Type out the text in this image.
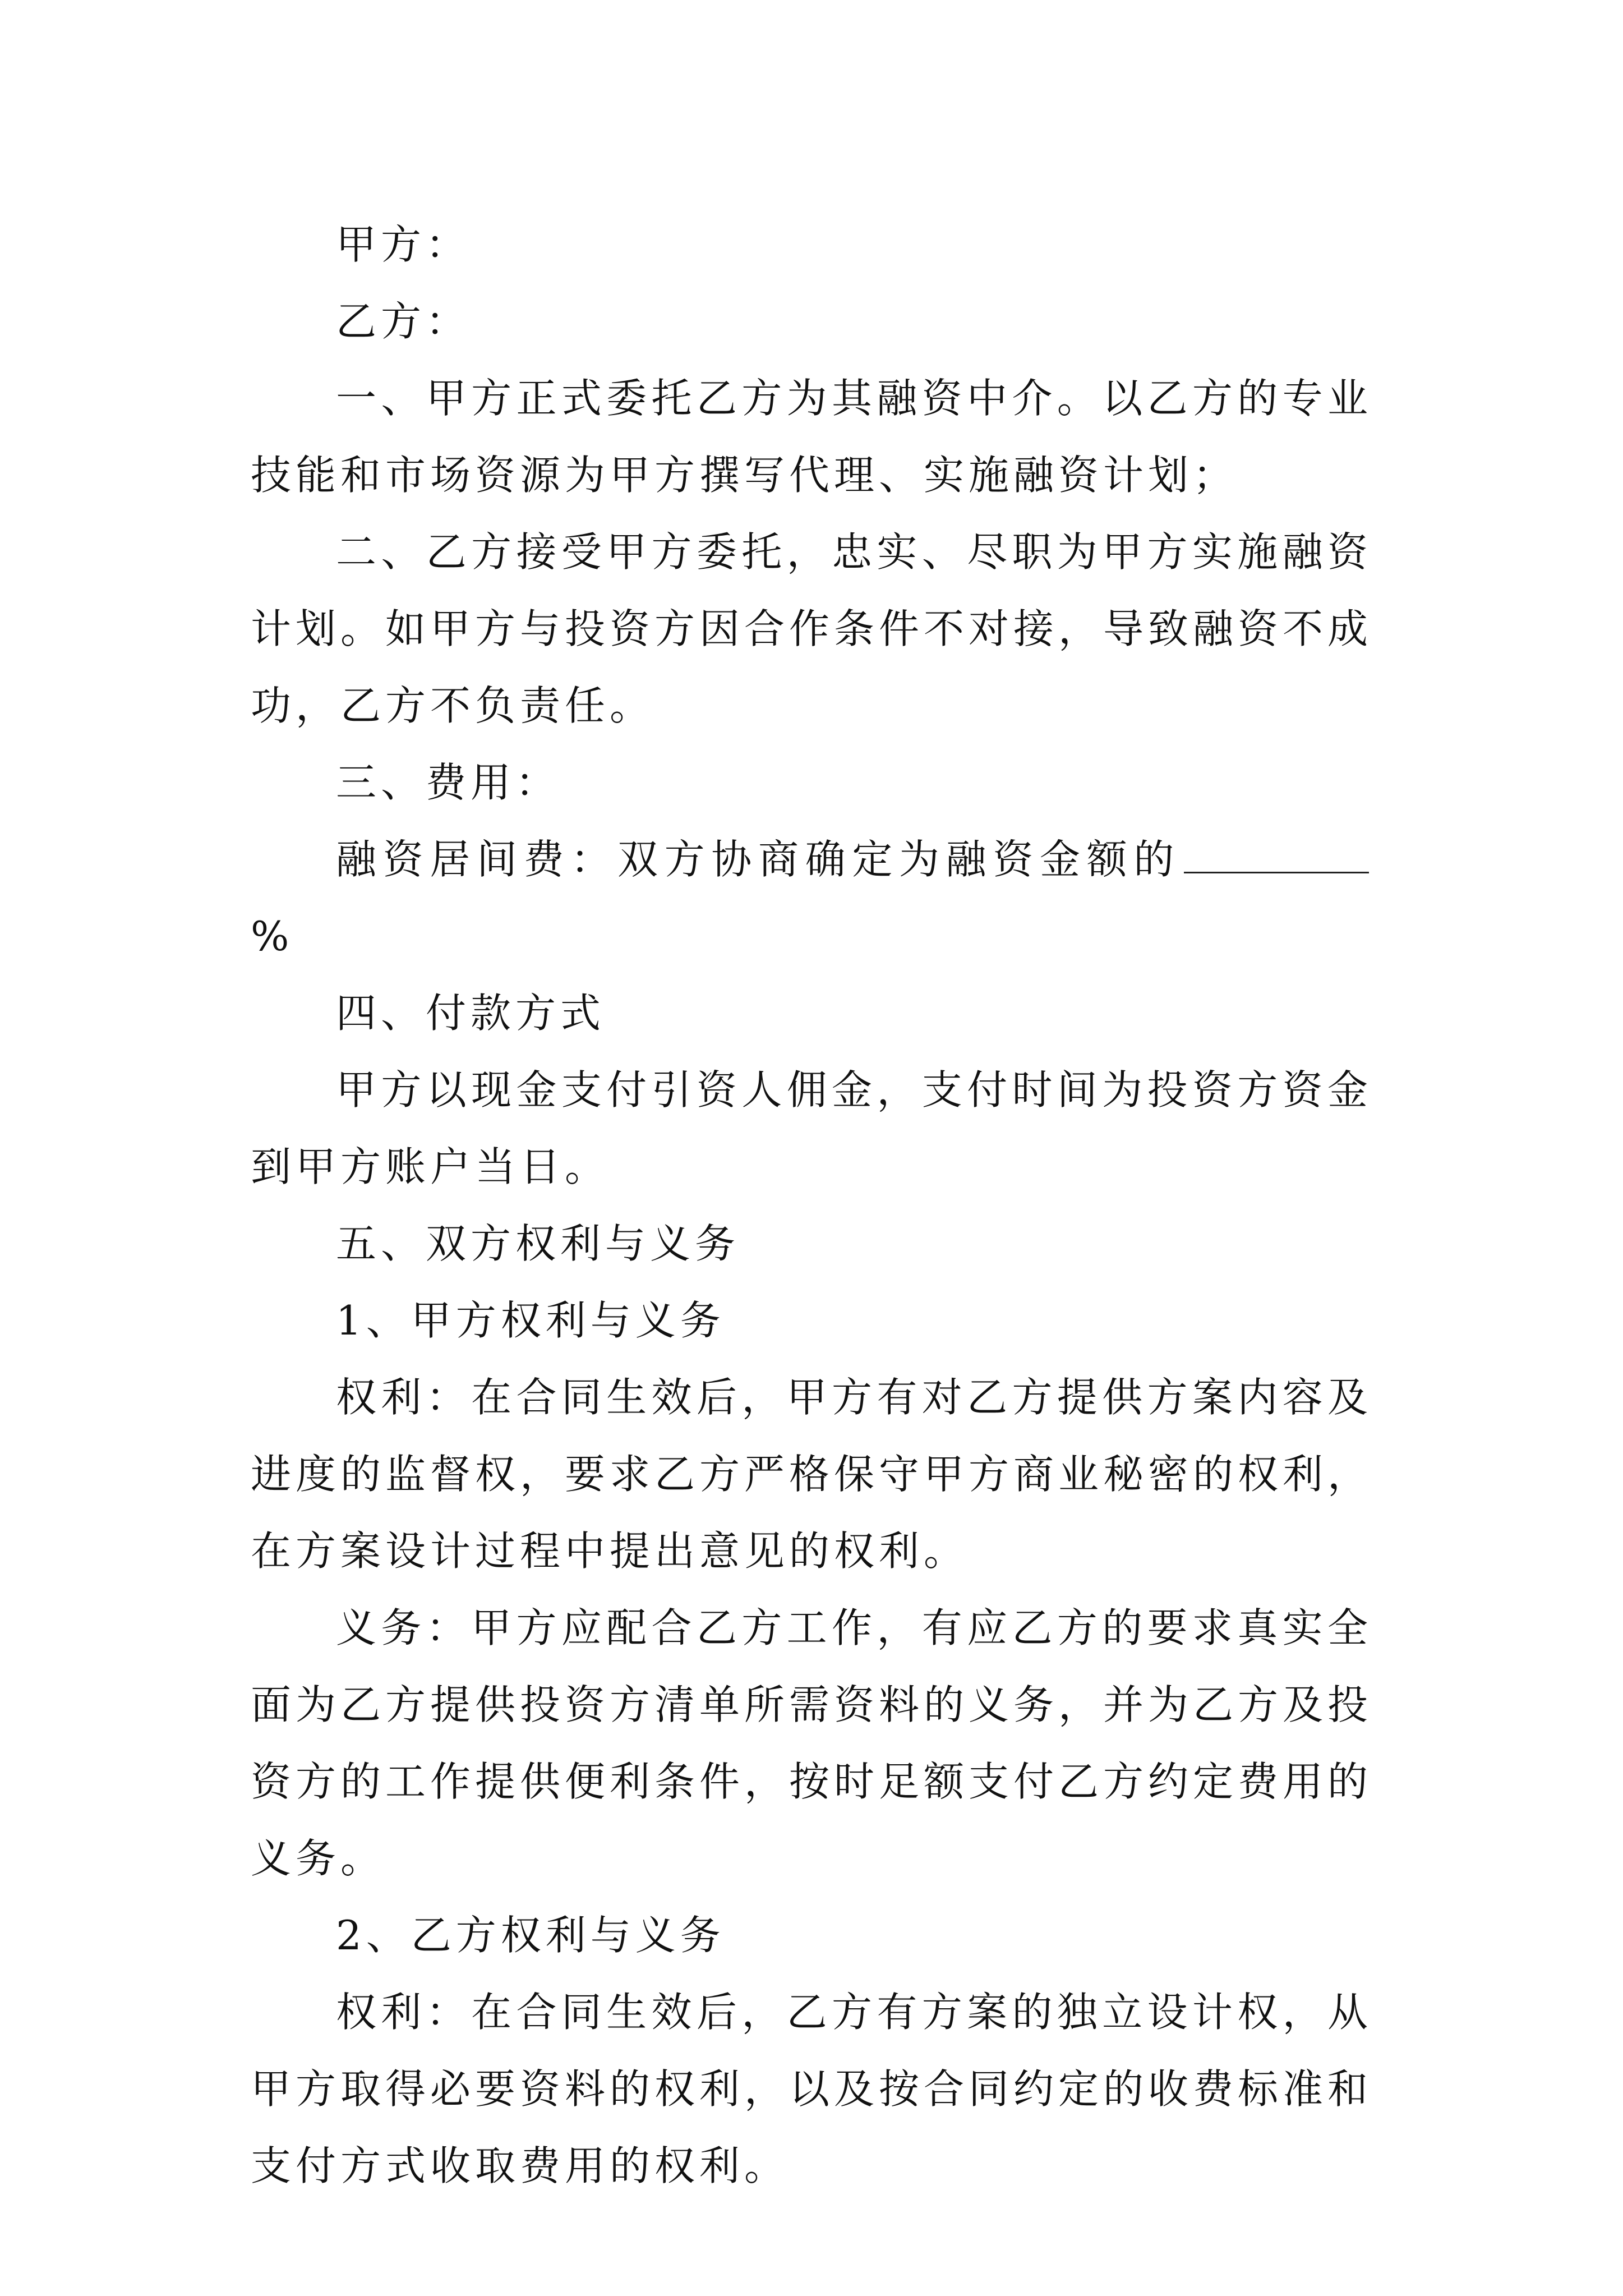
甲方：

乙方：

一、甲方正式委托乙方为其融资中介。以乙方的专业技能和市场资源为甲方撰写代理、实施融资计划；

二、乙方接受甲方委托，忠实、尽职为甲方实施融资计划。如甲方与投资方因合作条件不对接，导致融资不成功，乙方不负责任。

三、费用：

融资居间费：双方协商确定为融资金额的%

四、付款方式

甲方以现金支付引资人佣金，支付时间为投资方资金到甲方账户当日。

五、双方权利与义务

1、甲方权利与义务

权利：在合同生效后，甲方有对乙方提供方案内容及进度的监督权，要求乙方严格保守甲方商业秘密的权利，在方案设计过程中提出意见的权利。

义务：甲方应配合乙方工作，有应乙方的要求真实全面为乙方提供投资方清单所需资料的义务，并为乙方及投资方的工作提供便利条件，按时足额支付乙方约定费用的义务。

2、乙方权利与义务

权利：在合同生效后，乙方有方案的独立设计权，从甲方取得必要资料的权利，以及按合同约定的收费标准和支付方式收取费用的权利。
